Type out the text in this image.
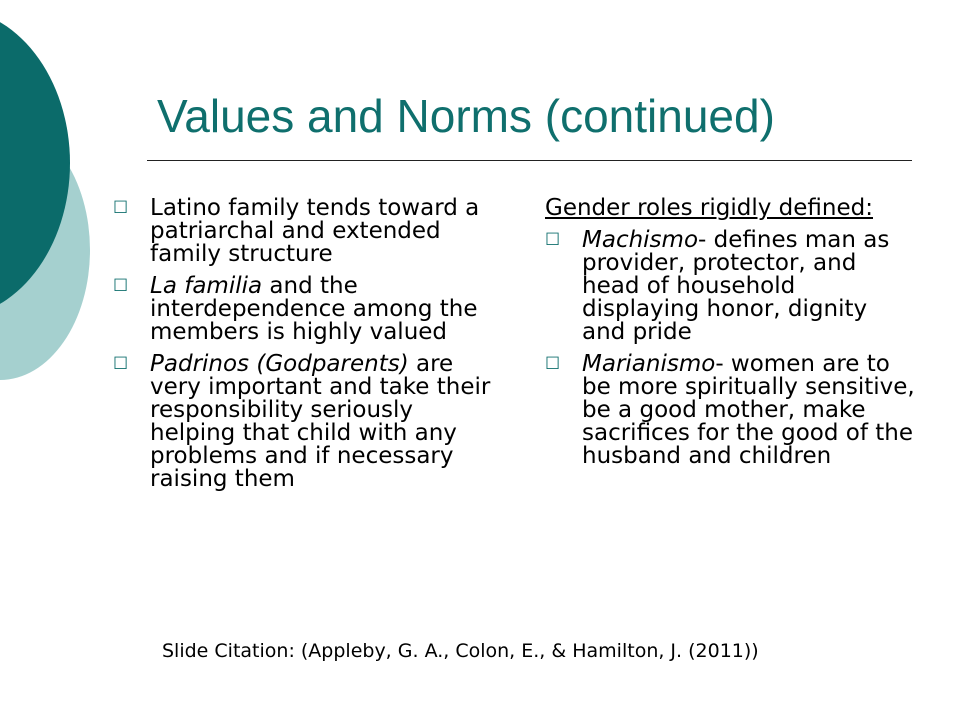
Values and Norms (continued)
☐ Latino family tends toward a patriarchal and extended family structure
☐ La familia and the interdependence among the members is highly valued
☐ Padrinos (Godparents) are very important and take their responsibility seriously helping that child with any problems and if necessary raising them
Gender roles rigidly defined:
☐ Machismo- defines man as provider, protector, and head of household displaying honor, dignity and pride
☐ Marianismo- women are to be more spiritually sensitive, be a good mother, make sacrifices for the good of the husband and children
Slide Citation: (Appleby, G. A., Colon, E., & Hamilton, J. (2011))
